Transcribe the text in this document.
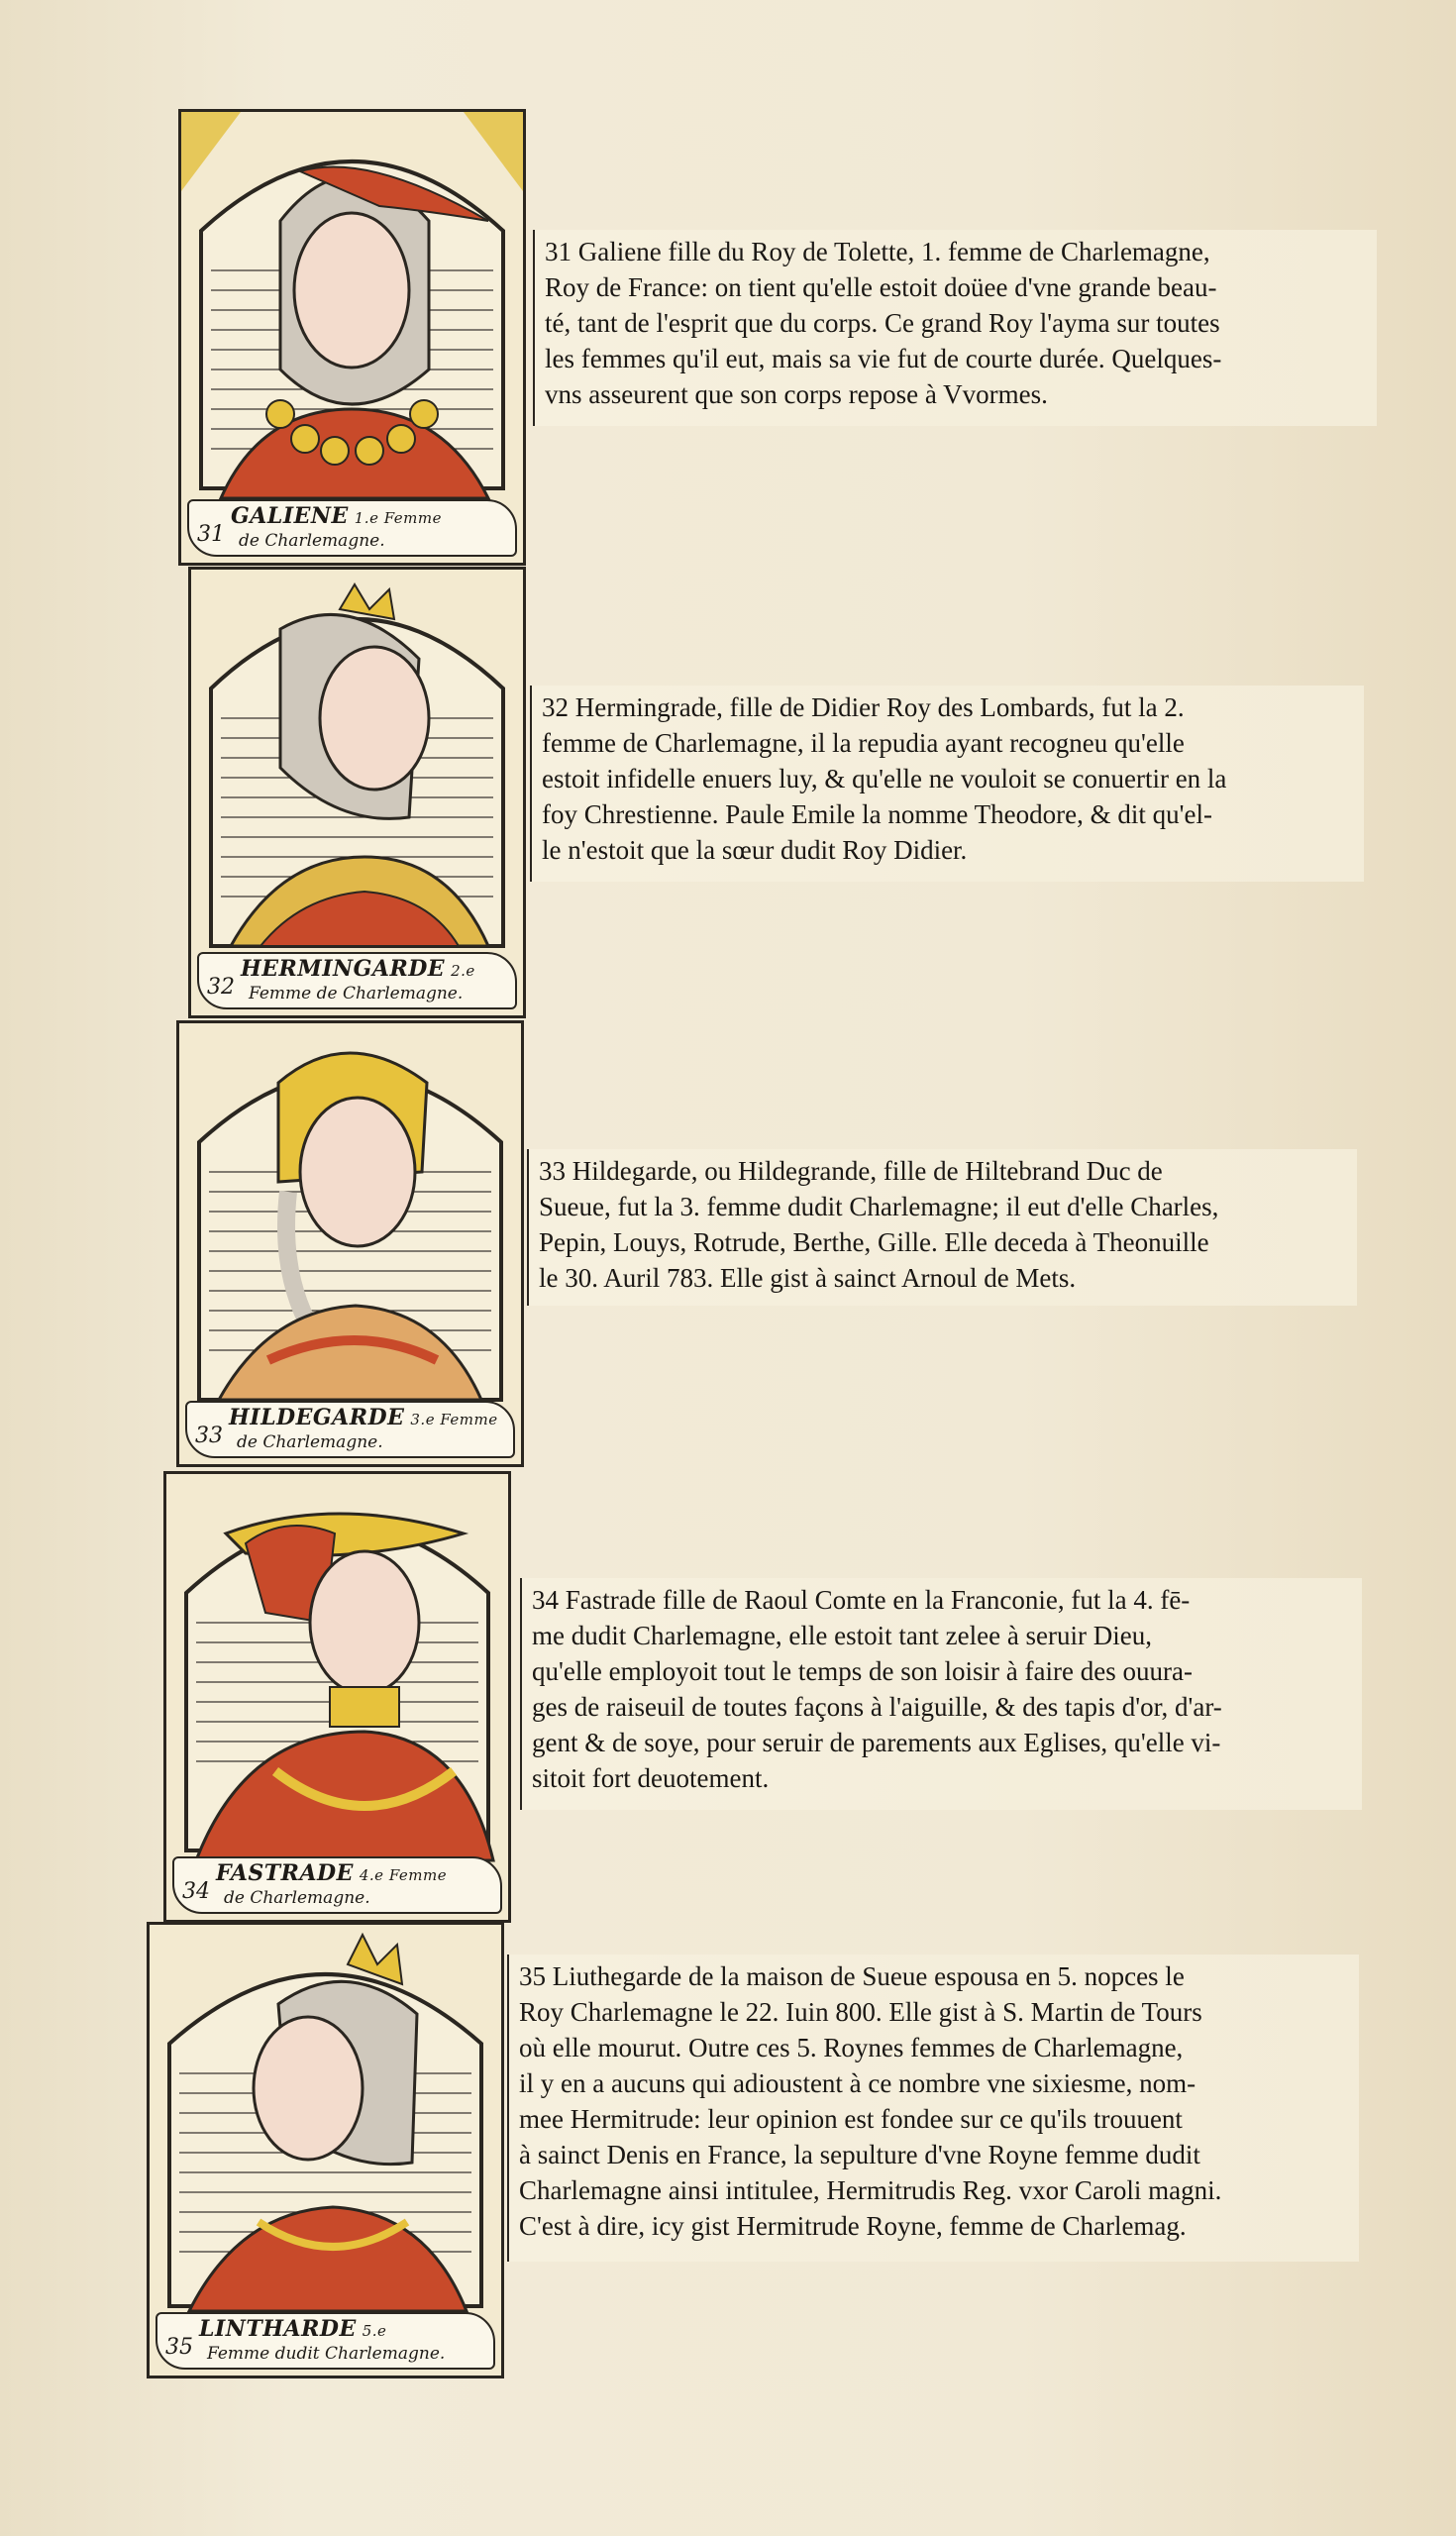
31
GALIENE 1.e Femme
de Charlemagne.
31 Galiene fille du Roy de Tolette, 1. femme de Charlemagne,
Roy de France: on tient qu'elle estoit doüee d'vne grande beau-
té, tant de l'esprit que du corps. Ce grand Roy l'ayma sur toutes
les femmes qu'il eut, mais sa vie fut de courte durée. Quelques-
vns asseurent que son corps repose à Vvormes.
32
HERMINGARDE 2.e
Femme de Charlemagne.
32 Hermingrade, fille de Didier Roy des Lombards, fut la 2.
femme de Charlemagne, il la repudia ayant recogneu qu'elle
estoit infidelle enuers luy, & qu'elle ne vouloit se conuertir en la
foy Chrestienne. Paule Emile la nomme Theodore, & dit qu'el-
le n'estoit que la sœur dudit Roy Didier.
33
HILDEGARDE 3.e Femme
de Charlemagne.
33 Hildegarde, ou Hildegrande, fille de Hiltebrand Duc de
Sueue, fut la 3. femme dudit Charlemagne; il eut d'elle Charles,
Pepin, Louys, Rotrude, Berthe, Gille. Elle deceda à Theonuille
le 30. Auril 783. Elle gist à sainct Arnoul de Mets.
34
FASTRADE 4.e Femme
de Charlemagne.
34 Fastrade fille de Raoul Comte en la Franconie, fut la 4. fē-
me dudit Charlemagne, elle estoit tant zelee à seruir Dieu,
qu'elle employoit tout le temps de son loisir à faire des ouura-
ges de raiseuil de toutes façons à l'aiguille, & des tapis d'or, d'ar-
gent & de soye, pour seruir de parements aux Eglises, qu'elle vi-
sitoit fort deuotement.
35
LINTHARDE 5.e
Femme dudit Charlemagne.
35 Liuthegarde de la maison de Sueue espousa en 5. nopces le
Roy Charlemagne le 22. Iuin 800. Elle gist à S. Martin de Tours
où elle mourut. Outre ces 5. Roynes femmes de Charlemagne,
il y en a aucuns qui adioustent à ce nombre vne sixiesme, nom-
mee Hermitrude: leur opinion est fondee sur ce qu'ils trouuent
à sainct Denis en France, la sepulture d'vne Royne femme dudit
Charlemagne ainsi intitulee, Hermitrudis Reg. vxor Caroli magni.
C'est à dire, icy gist Hermitrude Royne, femme de Charlemag.
